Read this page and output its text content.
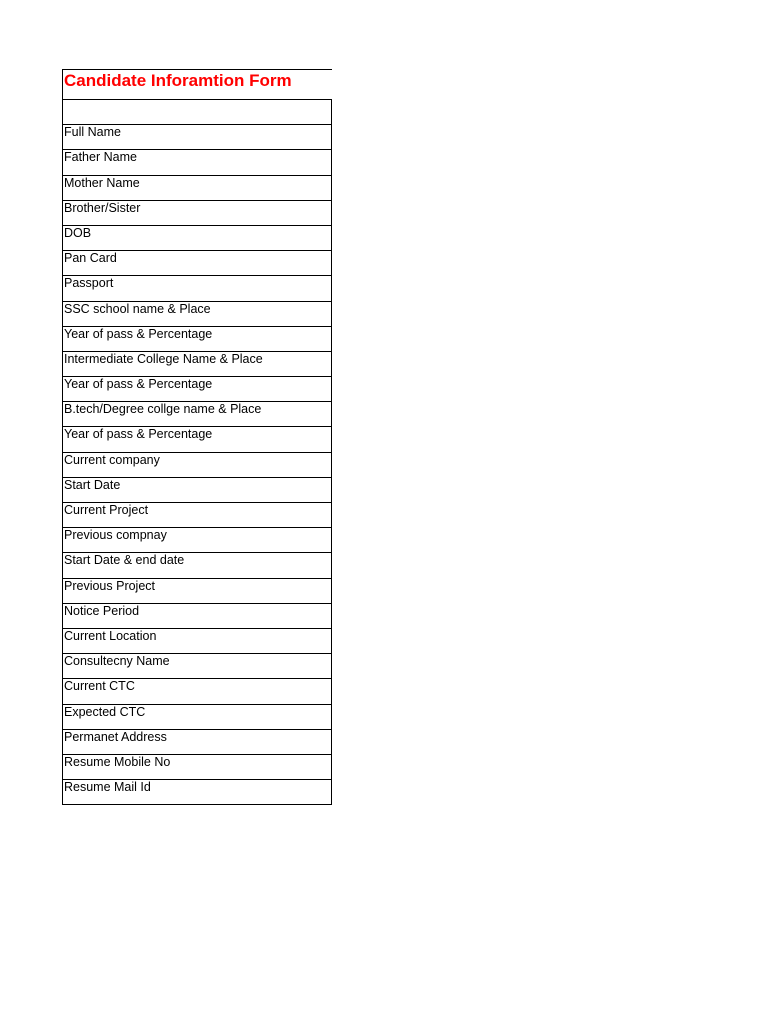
Candidate Inforamtion Form
Full Name
Father Name
Mother Name
Brother/Sister
DOB
Pan Card
Passport
SSC school name & Place
Year of pass & Percentage
Intermediate College Name & Place
Year of pass & Percentage
B.tech/Degree collge name & Place
Year of pass & Percentage
Current company
Start Date
Current Project
Previous compnay
Start Date & end date
Previous Project
Notice Period
Current Location
Consultecny Name
Current CTC
Expected CTC
Permanet Address
Resume Mobile No
Resume Mail Id
